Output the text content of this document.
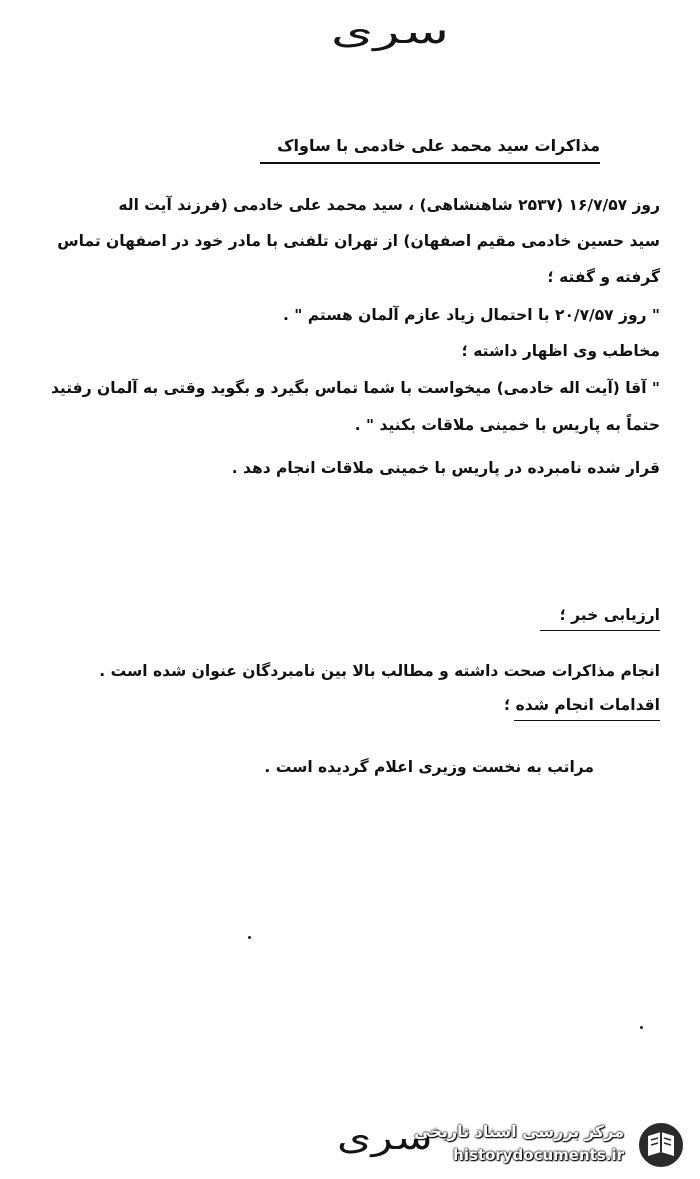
سری
مذاکرات سید محمد علی خادمی با ساواک
روز ۱۶/۷/۵۷ (۲۵۳۷ شاهنشاهی) ، سید محمد علی خادمی (فرزند آیت اله
سید حسین خادمی مقیم اصفهان) از تهران تلفنی با مادر خود در اصفهان تماس
گرفته و گفته ؛
" روز ۲۰/۷/۵۷ با احتمال زیاد عازم آلمان هستم " .
مخاطب وی اظهار داشته ؛
" آقا (آیت اله خادمی) میخواست با شما تماس بگیرد و بگوید وقتی به آلمان رفتید
حتماً به پاریس با خمینی ملاقات بکنید " .
قرار شده نامبرده در پاریس با خمینی ملاقات انجام دهد .
ارزیابی خبر ؛
انجام مذاکرات صحت داشته و مطالب بالا بین نامبردگان عنوان شده است .
اقدامات انجام شده ؛
مراتب به نخست وزیری اعلام گردیده است .
سری
مرکز بررسی اسناد تاریخی
historydocuments.ir
